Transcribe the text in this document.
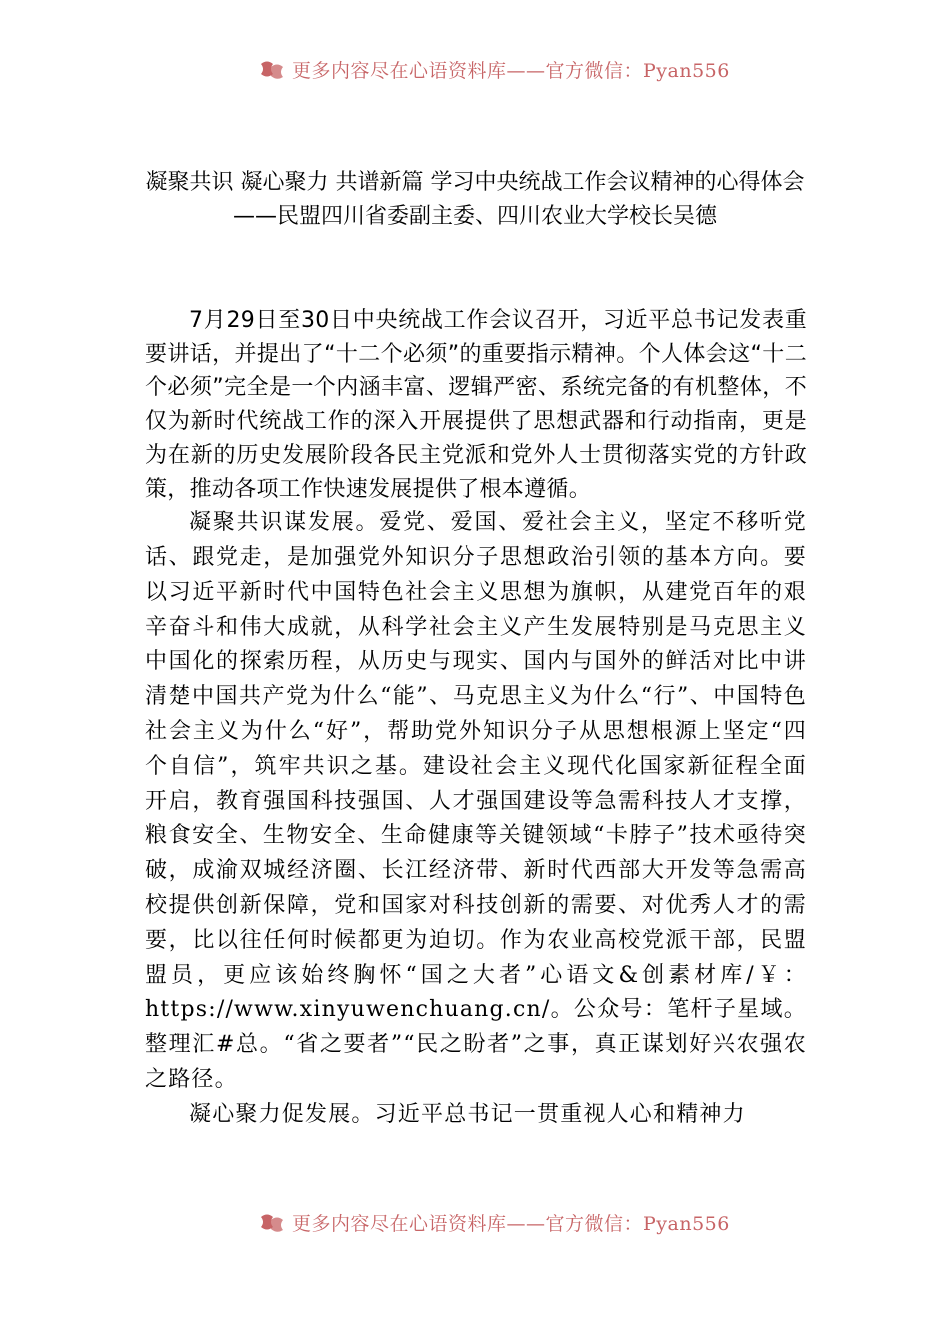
更多内容尽在心语资料库——官方微信：Pyan556
凝聚共识 凝心聚力 共谱新篇 学习中央统战工作会议精神的心得体会
——民盟四川省委副主委、四川农业大学校长吴德

7月29日至30日中央统战工作会议召开，习近平总书记发表重要讲话，并提出了“十二个必须”的重要指示精神。个人体会这“十二个必须”完全是一个内涵丰富、逻辑严密、系统完备的有机整体，不仅为新时代统战工作的深入开展提供了思想武器和行动指南，更是为在新的历史发展阶段各民主党派和党外人士贯彻落实党的方针政策，推动各项工作快速发展提供了根本遵循。

凝聚共识谋发展。爱党、爱国、爱社会主义，坚定不移听党话、跟党走，是加强党外知识分子思想政治引领的基本方向。要以习近平新时代中国特色社会主义思想为旗帜，从建党百年的艰辛奋斗和伟大成就，从科学社会主义产生发展特别是马克思主义中国化的探索历程，从历史与现实、国内与国外的鲜活对比中讲清楚中国共产党为什么“能”、马克思主义为什么“行”、中国特色社会主义为什么“好”，帮助党外知识分子从思想根源上坚定“四个自信”，筑牢共识之基。建设社会主义现代化国家新征程全面开启，教育强国科技强国、人才强国建设等急需科技人才支撑，粮食安全、生物安全、生命健康等关键领域“卡脖子”技术亟待突破，成渝双城经济圈、长江经济带、新时代西部大开发等急需高校提供创新保障，党和国家对科技创新的需要、对优秀人才的需要，比以往任何时候都更为迫切。作为农业高校党派干部，民盟盟员，更应该始终胸怀“国之大者”心语文&创素材库/￥：https://www.xinyuwenchuang.cn/。公众号：笔杆子星域。整理汇#总。“省之要者”“民之盼者”之事，真正谋划好兴农强农之路径。

凝心聚力促发展。习近平总书记一贯重视人心和精神力

更多内容尽在心语资料库——官方微信：Pyan556
